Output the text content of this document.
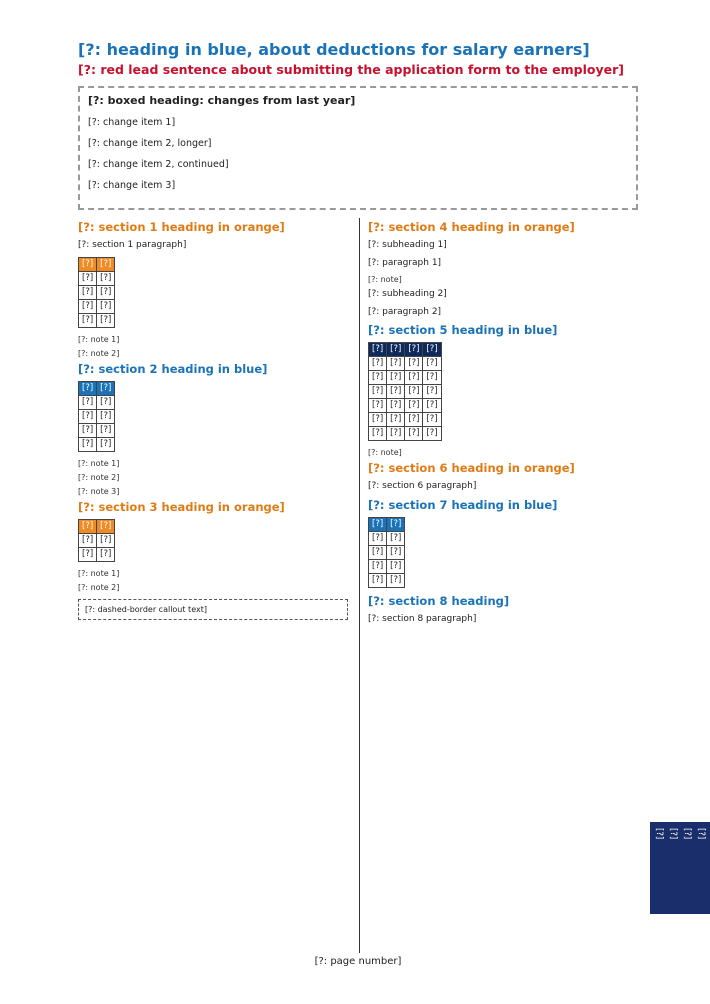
[?: heading in blue, about deductions for salary earners]
[?: red lead sentence about submitting the application form to the employer]
[?: boxed heading: changes from last year]
[?: change item 1]
[?: change item 2, longer]
[?: change item 2, continued]
[?: change item 3]
[?: section 1 heading in orange]

[?: section 1 paragraph]

[?]	[?]
[?]	[?]
[?]	[?]
[?]	[?]
[?]	[?]

[?: note 1]

[?: note 2]

[?: section 2 heading in blue]
[?]	[?]
[?]	[?]
[?]	[?]
[?]	[?]
[?]	[?]

[?: note 1]

[?: note 2]

[?: note 3]

[?: section 3 heading in orange]
[?]	[?]
[?]	[?]
[?]	[?]

[?: note 1]

[?: note 2]

[?: dashed-border callout text]
[?: section 4 heading in orange]

[?: subheading 1]

[?: paragraph 1]

[?: note]

[?: subheading 2]

[?: paragraph 2]

[?: section 5 heading in blue]
[?]	[?]	[?]	[?]
[?]	[?]	[?]	[?]
[?]	[?]	[?]	[?]
[?]	[?]	[?]	[?]
[?]	[?]	[?]	[?]
[?]	[?]	[?]	[?]
[?]	[?]	[?]	[?]

[?: note]

[?: section 6 heading in orange]

[?: section 6 paragraph]

[?: section 7 heading in blue]
[?]	[?]
[?]	[?]
[?]	[?]
[?]	[?]
[?]	[?]
[?: section 8 heading]

[?: section 8 paragraph]

[?: page number]
[?]
[?]
[?]
[?]
